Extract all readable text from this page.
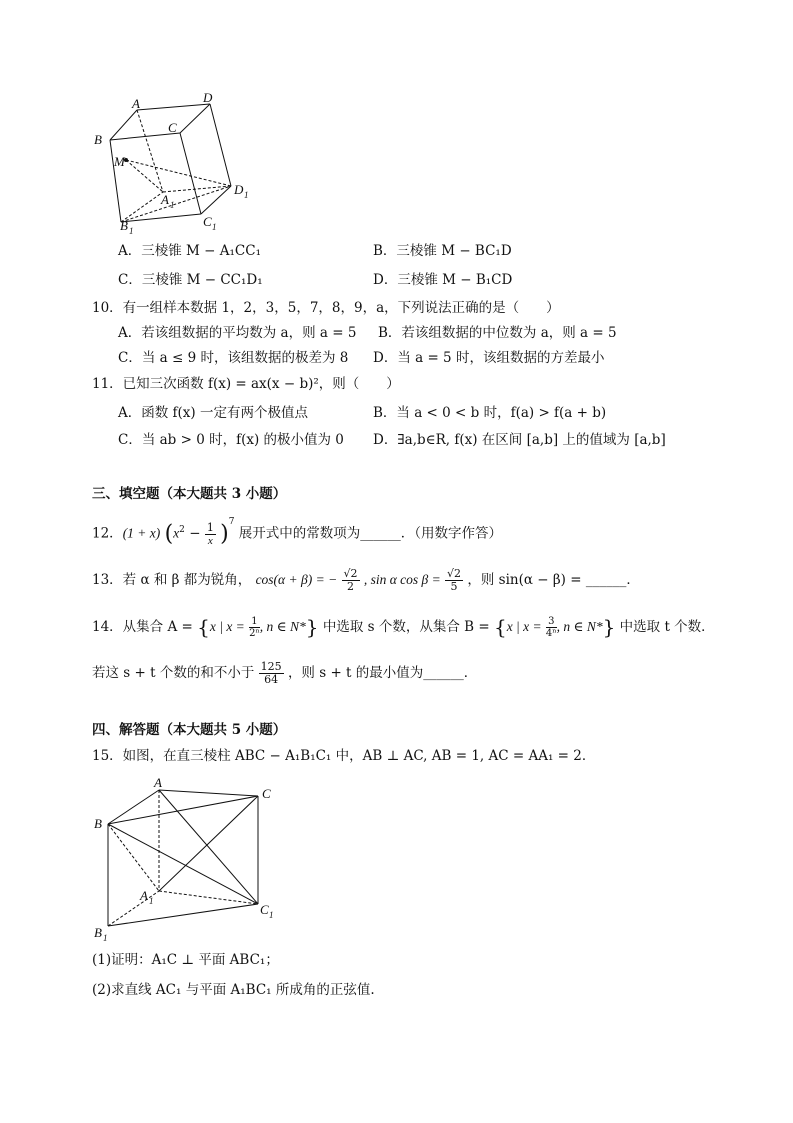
A	D
B
C
M
A 1
D 1
B 1
C 1
A．三棱锥 M − A₁CC₁	B．三棱锥 M − BC₁D
C．三棱锥 M − CC₁D₁	D．三棱锥 M − B₁CD
10．有一组样本数据 1，2，3，5，7，8，9，a，下列说法正确的是（　　）
A．若该组数据的平均数为 a，则 a = 5 B．若该组数据的中位数为 a，则 a = 5
C．当 a ≤ 9 时，该组数据的极差为 8 D．当 a = 5 时，该组数据的方差最小
11．已知三次函数 f(x) = ax(x − b)²，则（　　）
A．函数 f(x) 一定有两个极值点	B．当 a < 0 < b 时，f(a) > f(a + b)
C．当 ab > 0 时，f(x) 的极小值为 0 D．∃a,b∈R, f(x) 在区间 [a,b] 上的值域为 [a,b]
三、填空题（本大题共 3 小题）
12．(1 + x) $(x^2 - \frac{1}{x} )^7$ 展开式中的常数项为______．（用数字作答）
13．若 α 和 β 都为锐角， cos(α + β) = − $\frac{√2}{2}$ , sin α $\cos \beta = \frac{√2}{5}$ ，则 sin(α − β) = ______．
14．从集合 A = {x | $x = \frac{1}{\text{2ⁿ}}$ , n ∈ N*} 中选取 s 个数，从集合 B = {x | $x = \frac{3}{\text{4ⁿ}}$ , n ∈ N*} 中选取 t 个数．
若这 s + t 个数的和不小于 $\frac{125}{64}$ ，则 s + t 的最小值为______．
四、解答题（本大题共 5 小题）
15．如图，在直三棱柱 ABC − A₁B₁C₁ 中，AB ⊥ AC, AB = 1, AC = AA₁ = 2．
A
C
B
A 1
C 1
B 1
(1)证明：A₁C ⊥ 平面 ABC₁；
(2)求直线 AC₁ 与平面 A₁BC₁ 所成角的正弦值.
